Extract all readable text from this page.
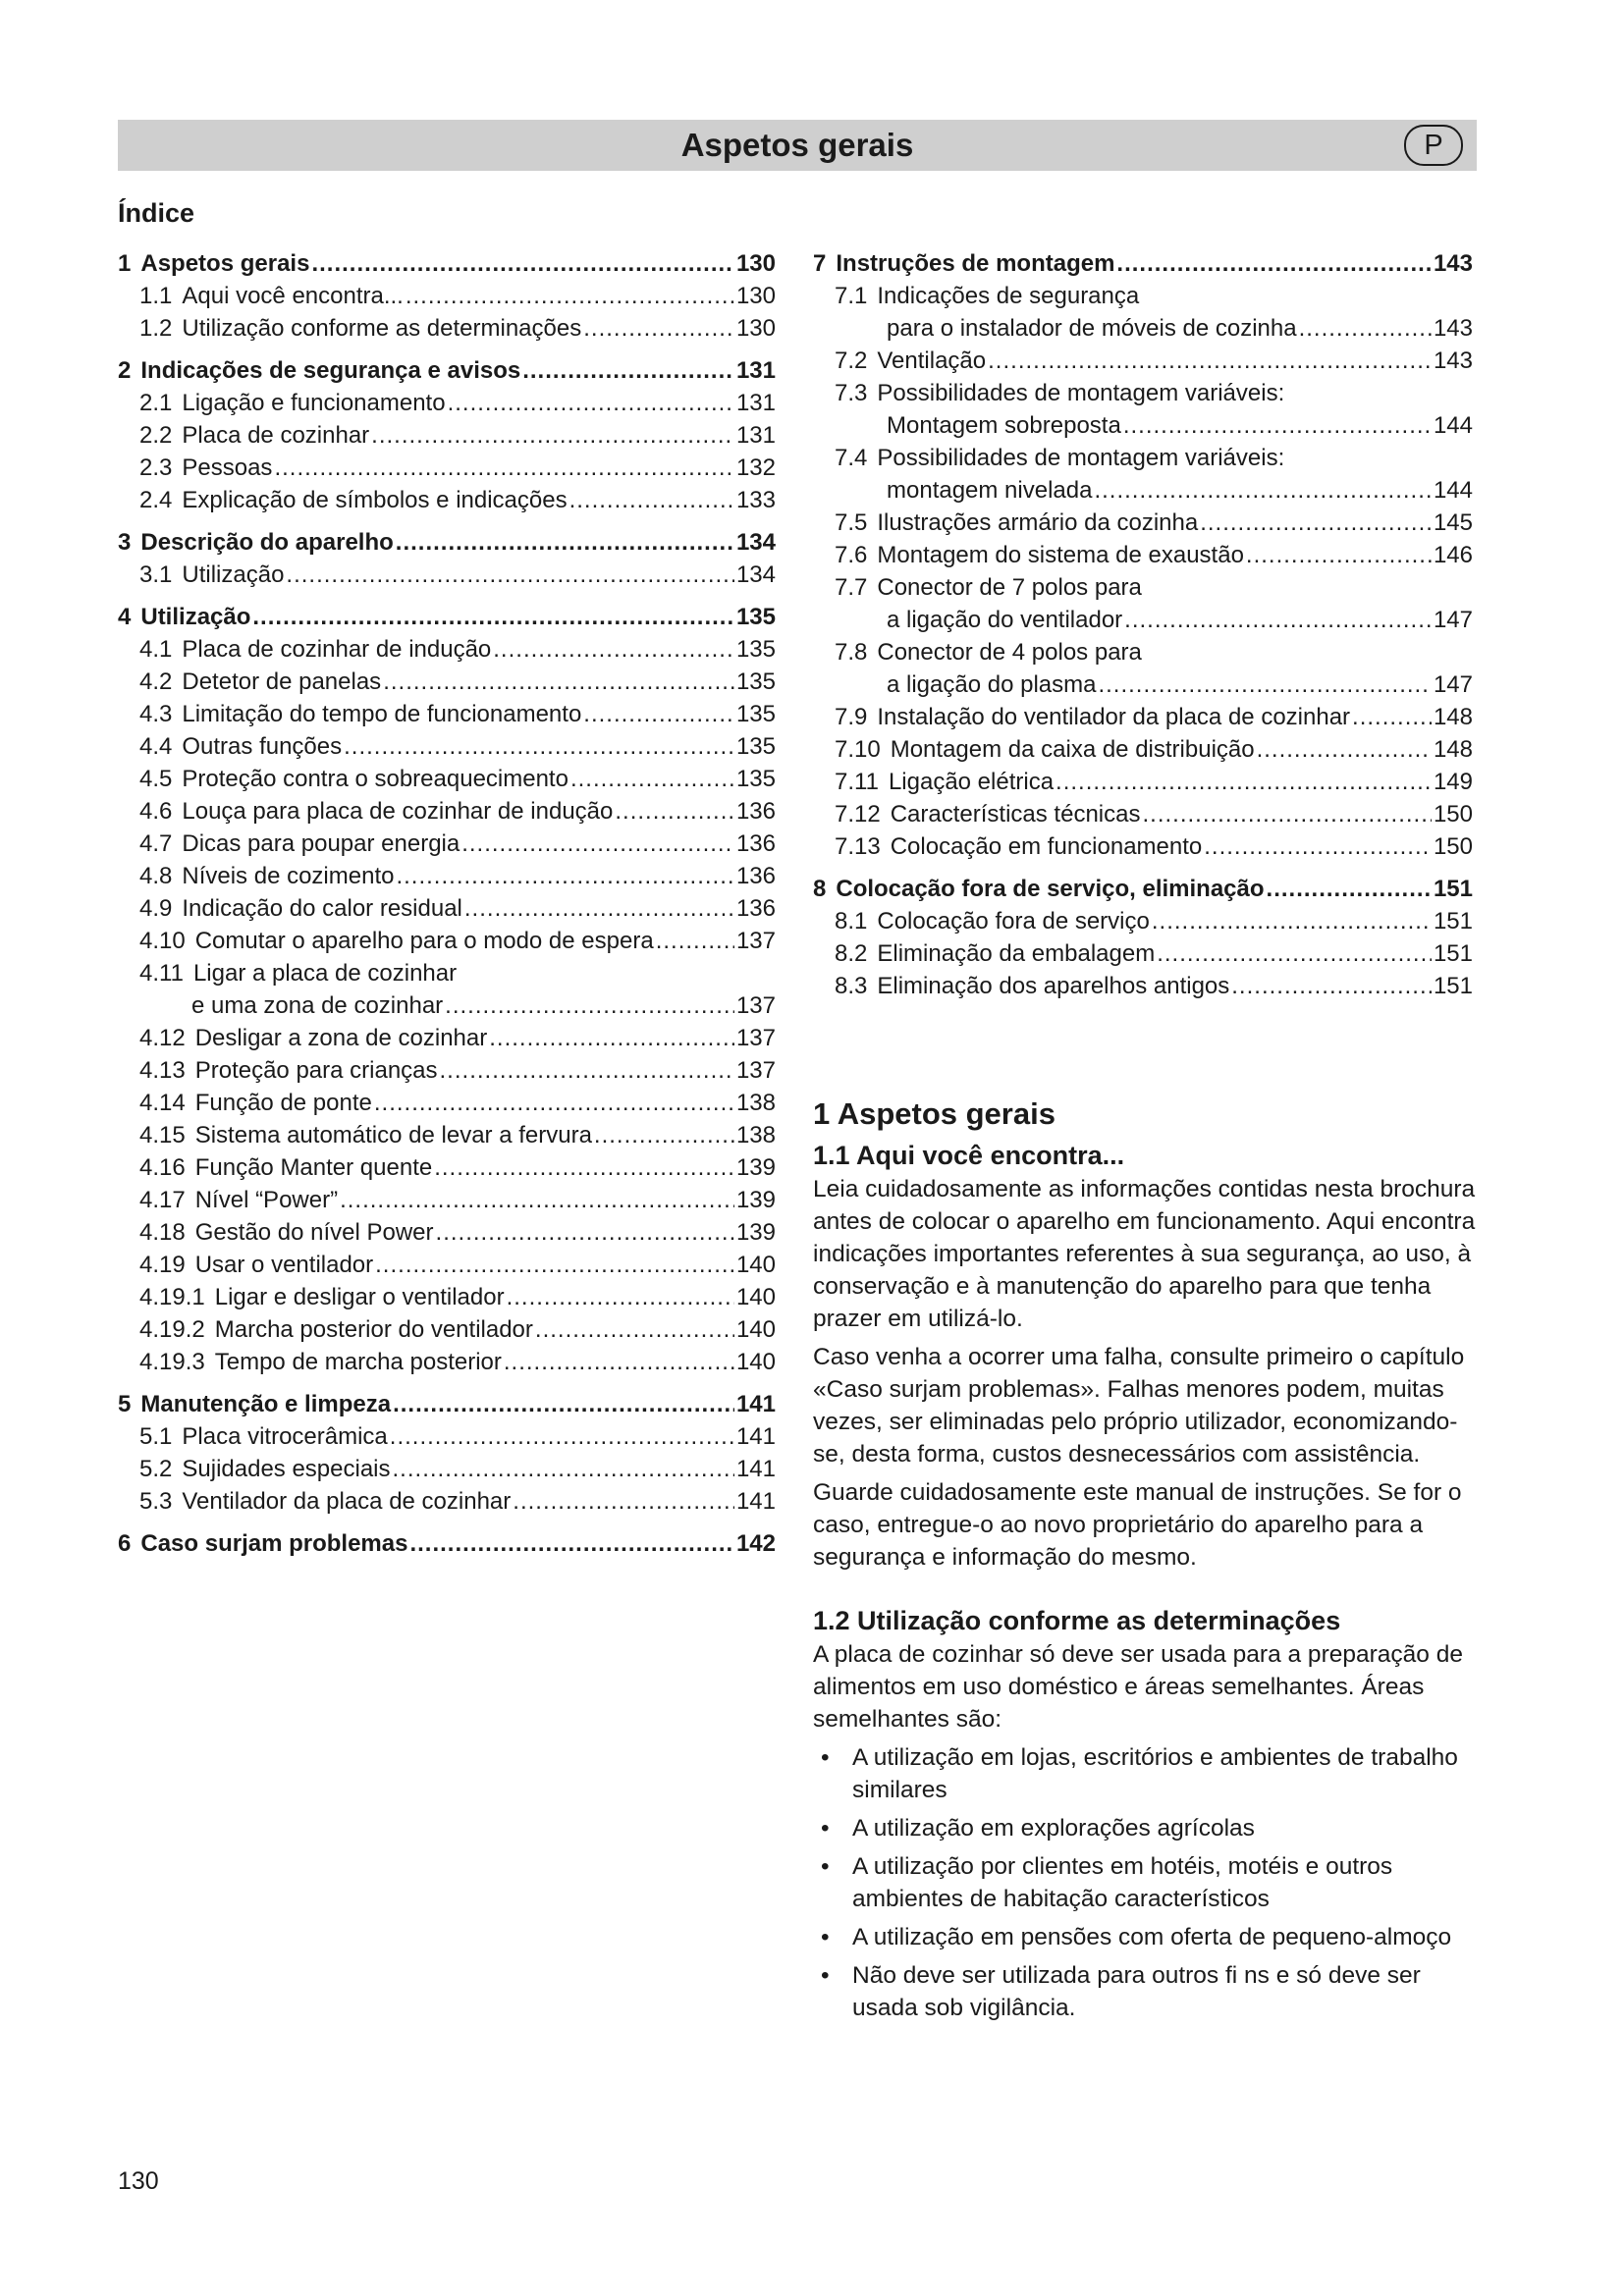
Aspetos gerais	P
Índice
1 Aspetos gerais .....	130
1.1 Aqui você encontra... .....	130
1.2 Utilização conforme as determinações .....	130
2 Indicações de segurança e avisos .....	131
2.1 Ligação e funcionamento .....	131
2.2 Placa de cozinhar .....	131
2.3 Pessoas .....	132
2.4 Explicação de símbolos e indicações .....	133
3 Descrição do aparelho .....	134
3.1 Utilização .....	134
4 Utilização .....	135
4.1 Placa de cozinhar de indução .....	135
4.2 Detetor de panelas .....	135
4.3 Limitação do tempo de funcionamento .....	135
4.4 Outras funções .....	135
4.5 Proteção contra o sobreaquecimento .....	135
4.6 Louça para placa de cozinhar de indução .....	136
4.7 Dicas para poupar energia .....	136
4.8 Níveis de cozimento .....	136
4.9 Indicação do calor residual .....	136
4.10 Comutar o aparelho para o modo de espera .....	137
4.11 Ligar a placa de cozinhar
e uma zona de cozinhar .....	137
4.12 Desligar a zona de cozinhar .....	137
4.13 Proteção para crianças .....	137
4.14 Função de ponte .....	138
4.15 Sistema automático de levar a fervura .....	138
4.16 Função Manter quente .....	139
4.17 Nível “Power” .....	139
4.18 Gestão do nível Power .....	139
4.19 Usar o ventilador .....	140
4.19.1 Ligar e desligar o ventilador .....	140
4.19.2 Marcha posterior do ventilador .....	140
4.19.3 Tempo de marcha posterior .....	140
5 Manutenção e limpeza .....	141
5.1 Placa vitrocerâmica .....	141
5.2 Sujidades especiais .....	141
5.3 Ventilador da placa de cozinhar .....	141
6 Caso surjam problemas .....	142
7 Instruções de montagem .....	143
7.1 Indicações de segurança
para o instalador de móveis de cozinha .....	143
7.2 Ventilação .....	143
7.3 Possibilidades de montagem variáveis:
Montagem sobreposta .....	144
7.4 Possibilidades de montagem variáveis:
montagem nivelada .....	144
7.5 Ilustrações armário da cozinha .....	145
7.6 Montagem do sistema de exaustão .....	146
7.7 Conector de 7 polos para
a ligação do ventilador .....	147
7.8 Conector de 4 polos para
a ligação do plasma .....	147
7.9 Instalação do ventilador da placa de cozinhar .....	148
7.10 Montagem da caixa de distribuição .....	148
7.11 Ligação elétrica .....	149
7.12 Características técnicas .....	150
7.13 Colocação em funcionamento .....	150
8 Colocação fora de serviço, eliminação .....	151
8.1 Colocação fora de serviço .....	151
8.2 Eliminação da embalagem .....	151
8.3 Eliminação dos aparelhos antigos .....	151
1 Aspetos gerais
1.1 Aqui você encontra...

Leia cuidadosamente as informações contidas nesta brochura antes de colocar o aparelho em funcionamento. Aqui encontra indicações importantes referentes à sua segurança, ao uso, à conservação e à manutenção do aparelho para que tenha prazer em utilizá-lo.

Caso venha a ocorrer uma falha, consulte primeiro o capítulo «Caso surjam problemas». Falhas menores podem, muitas vezes, ser eliminadas pelo próprio utilizador, economizando-se, desta forma, custos desnecessários com assistência.

Guarde cuidadosamente este manual de instruções. Se for o caso, entregue-o ao novo proprietário do aparelho para a segurança e informação do mesmo.

1.2 Utilização conforme as determinações

A placa de cozinhar só deve ser usada para a preparação de alimentos em uso doméstico e áreas semelhantes. Áreas semelhantes são:

• A utilização em lojas, escritórios e ambientes de trabalho similares
• A utilização em explorações agrícolas
• A utilização por clientes em hotéis, motéis e outros ambientes de habitação característicos
• A utilização em pensões com oferta de pequeno-almoço
• Não deve ser utilizada para outros fi ns e só deve ser usada sob vigilância.
130
